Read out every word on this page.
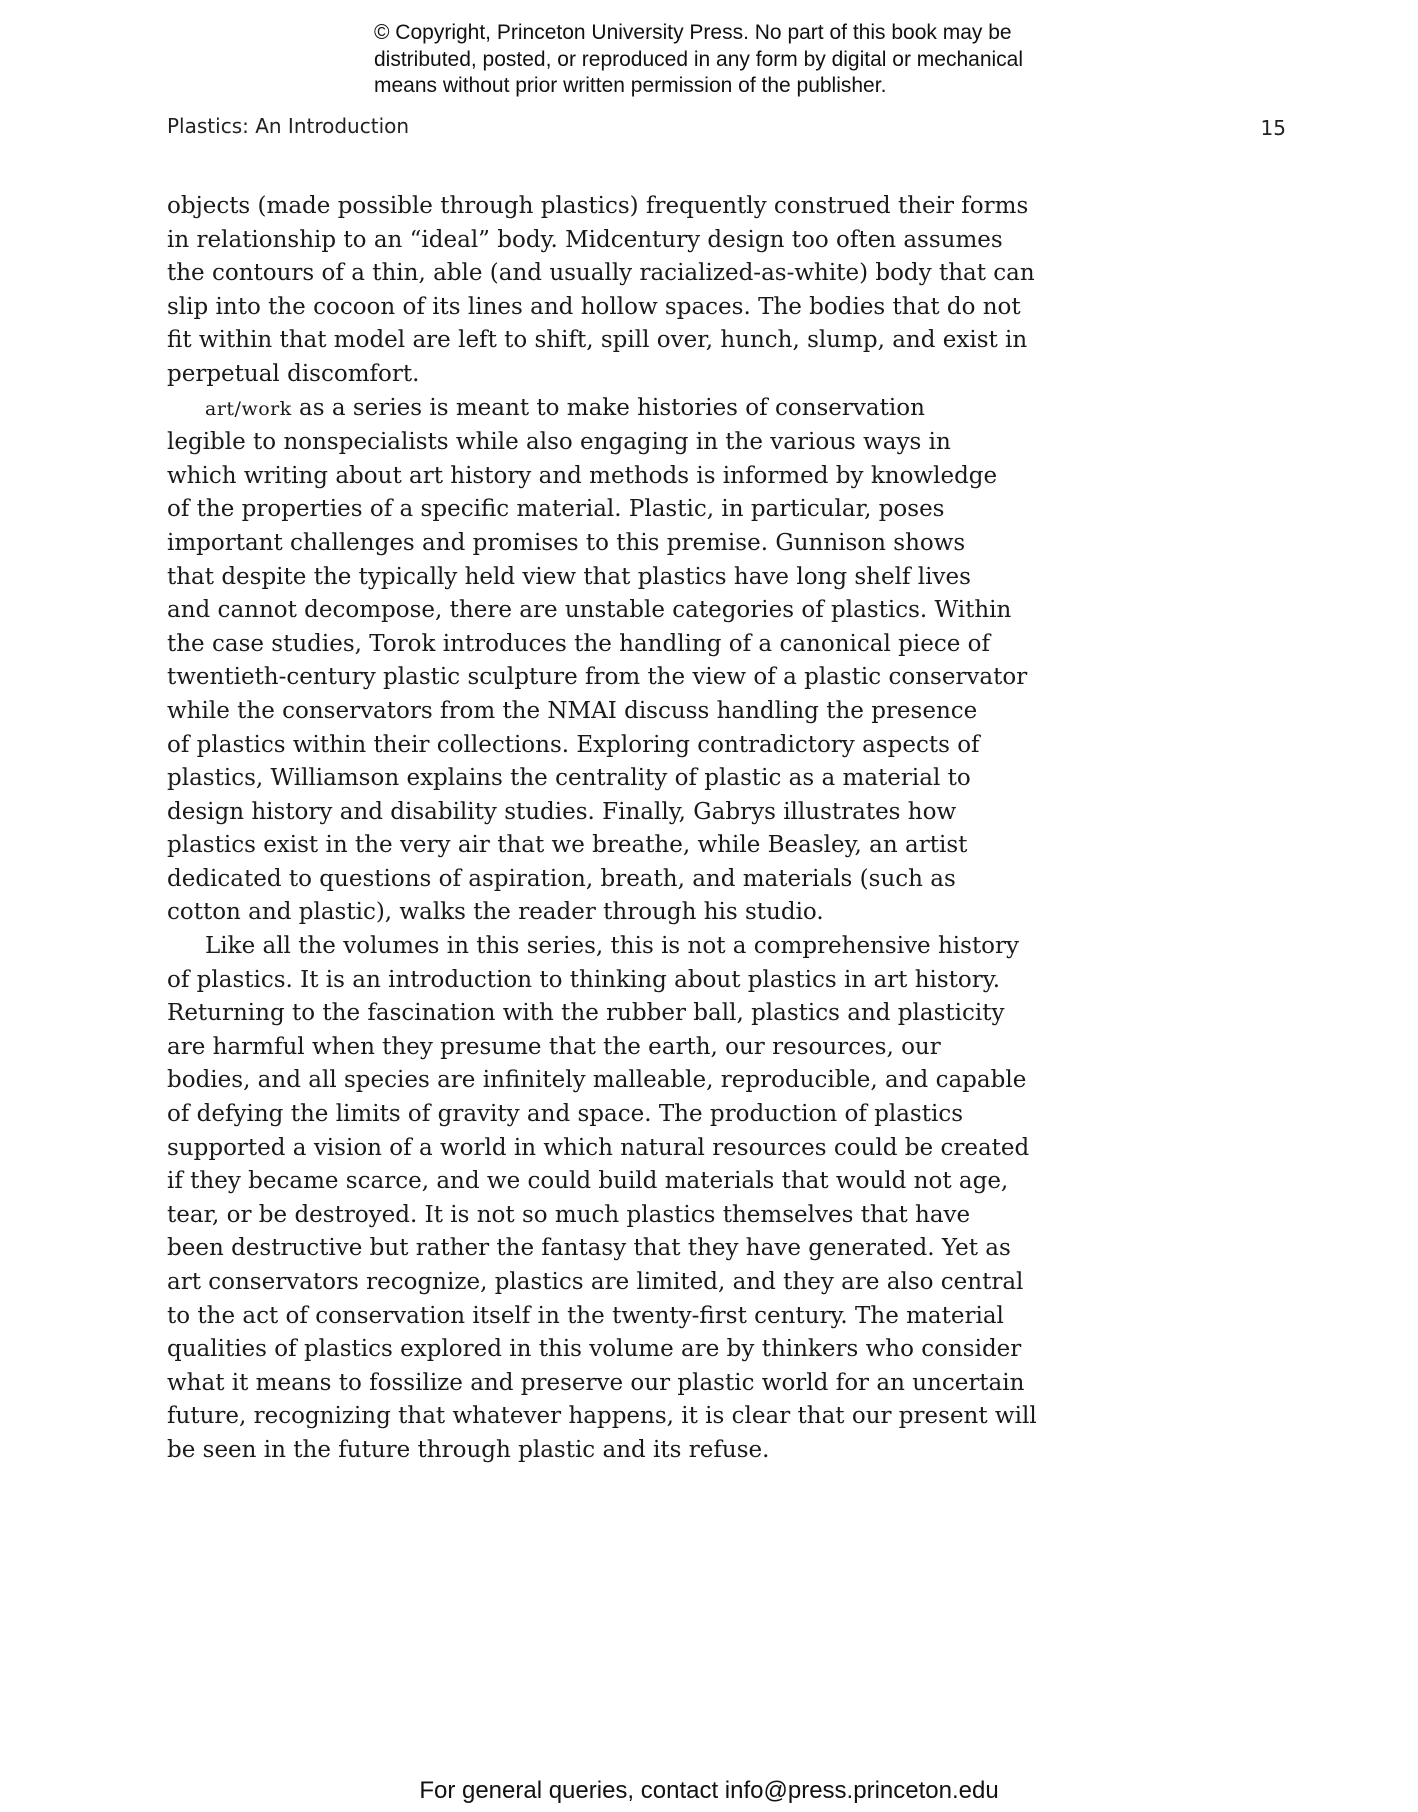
© Copyright, Princeton University Press. No part of this book may be
distributed, posted, or reproduced in any form by digital or mechanical
means without prior written permission of the publisher.
Plastics: An Introduction	15
objects (made possible through plastics) frequently construed their forms
in relationship to an “ideal” body. Midcentury design too often assumes
the contours of a thin, able (and usually racialized-as-white) body that can
slip into the cocoon of its lines and hollow spaces. The bodies that do not
fit within that model are left to shift, spill over, hunch, slump, and exist in
perpetual discomfort.
art/work as a series is meant to make histories of conservation
legible to nonspecialists while also engaging in the various ways in
which writing about art history and methods is informed by knowledge
of the properties of a specific material. Plastic, in particular, poses
important challenges and promises to this premise. Gunnison shows
that despite the typically held view that plastics have long shelf lives
and cannot decompose, there are unstable categories of plastics. Within
the case studies, Torok introduces the handling of a canonical piece of
twentieth-century plastic sculpture from the view of a plastic conservator
while the conservators from the NMAI discuss handling the presence
of plastics within their collections. Exploring contradictory aspects of
plastics, Williamson explains the centrality of plastic as a material to
design history and disability studies. Finally, Gabrys illustrates how
plastics exist in the very air that we breathe, while Beasley, an artist
dedicated to questions of aspiration, breath, and materials (such as
cotton and plastic), walks the reader through his studio.
Like all the volumes in this series, this is not a comprehensive history
of plastics. It is an introduction to thinking about plastics in art history.
Returning to the fascination with the rubber ball, plastics and plasticity
are harmful when they presume that the earth, our resources, our
bodies, and all species are infinitely malleable, reproducible, and capable
of defying the limits of gravity and space. The production of plastics
supported a vision of a world in which natural resources could be created
if they became scarce, and we could build materials that would not age,
tear, or be destroyed. It is not so much plastics themselves that have
been destructive but rather the fantasy that they have generated. Yet as
art conservators recognize, plastics are limited, and they are also central
to the act of conservation itself in the twenty-first century. The material
qualities of plastics explored in this volume are by thinkers who consider
what it means to fossilize and preserve our plastic world for an uncertain
future, recognizing that whatever happens, it is clear that our present will
be seen in the future through plastic and its refuse.
For general queries, contact info@press.princeton.edu
